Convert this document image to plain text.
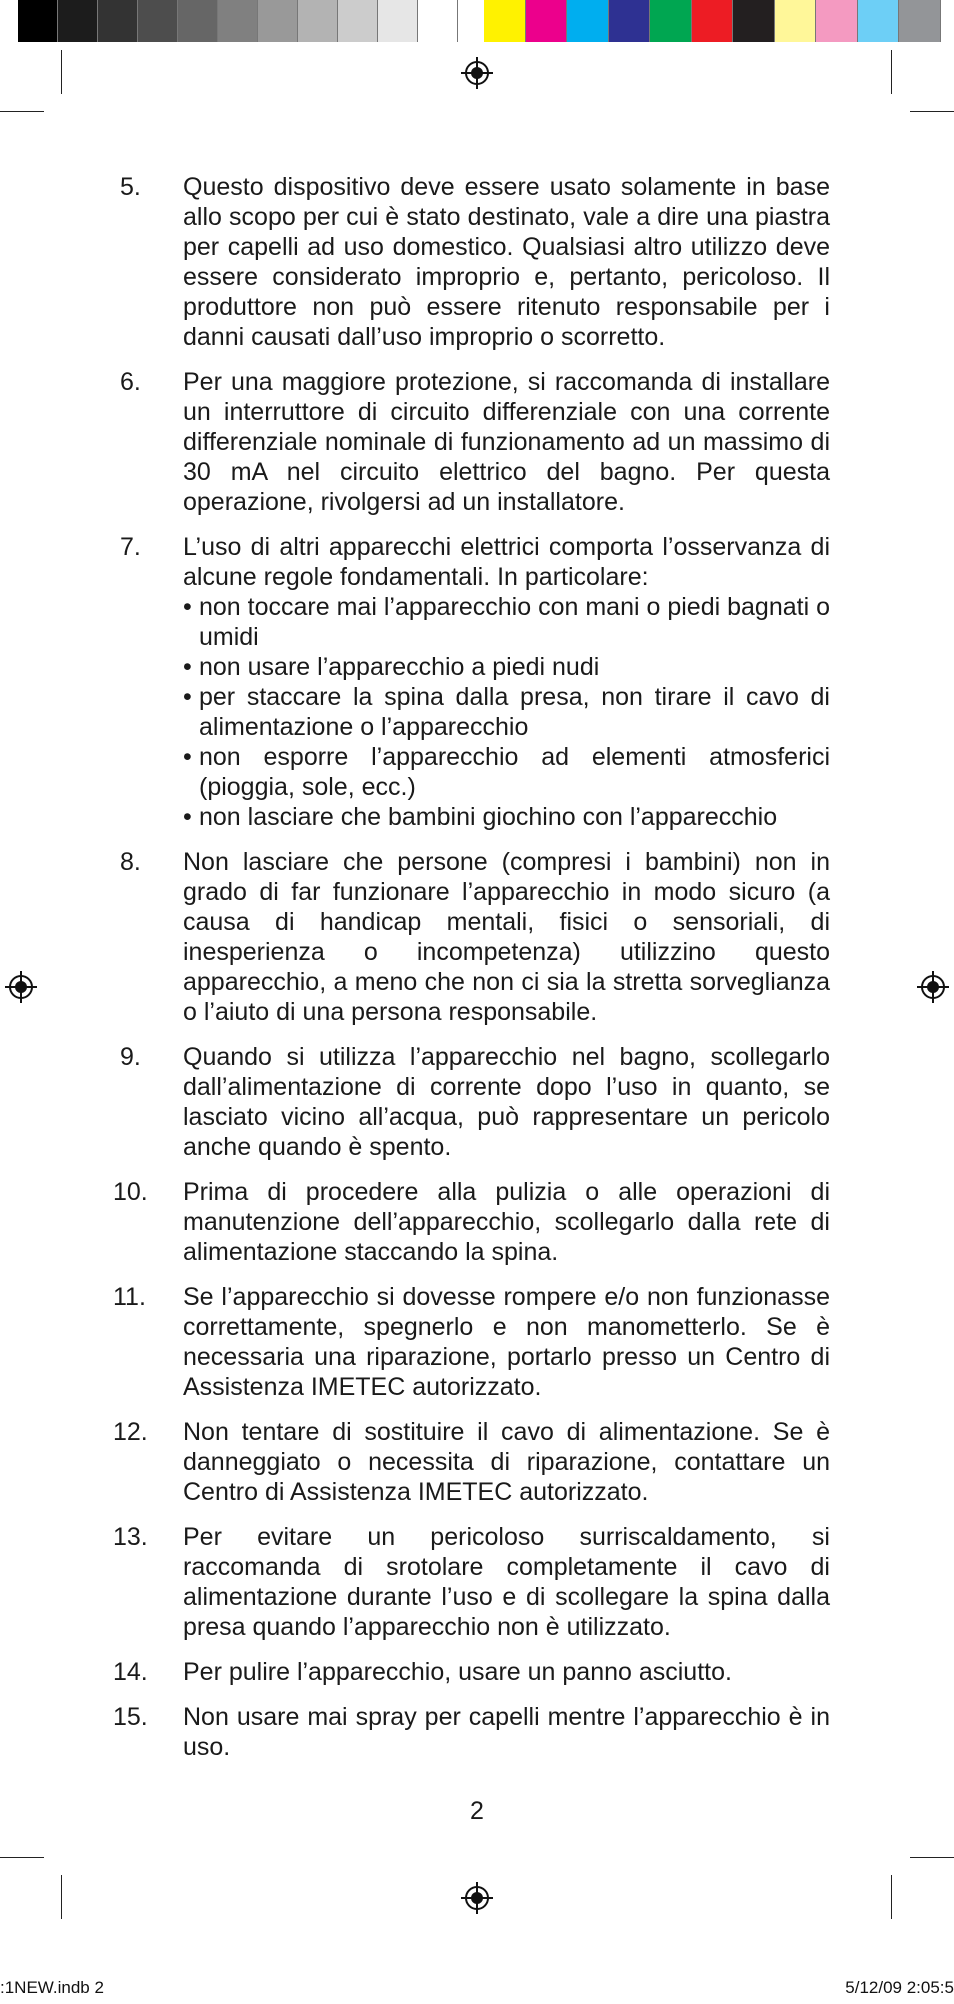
5.	Questo dispositivo deve essere usato solamente in base allo scopo per cui è stato destinato, vale a dire una piastra per capelli ad uso domestico. Qualsiasi altro utilizzo deve essere considerato improprio e, pertanto, pericoloso. Il produttore non può essere ritenuto responsabile per i danni causati dall’uso improprio o scorretto.
6.	Per una maggiore protezione, si raccomanda di installare un interruttore di circuito differenziale con una corrente differenziale nominale di funzionamento ad un massimo di 30 mA nel circuito elettrico del bagno. Per questa operazione, rivolgersi ad un installatore.
7.	L’uso di altri apparecchi elettrici comporta l’osservanza di alcune regole fondamentali. In particolare:
• non toccare mai l’apparecchio con mani o piedi bagnati o umidi
• non usare l’apparecchio a piedi nudi
• per staccare la spina dalla presa, non tirare il cavo di alimentazione o l’apparecchio
• non esporre l’apparecchio ad elementi atmosferici (pioggia, sole, ecc.)
• non lasciare che bambini giochino con l’apparecchio
8.	Non lasciare che persone (compresi i bambini) non in grado di far funzionare l’apparecchio in modo sicuro (a causa di handicap mentali, fisici o sensoriali, di inesperienza o incompetenza) utilizzino questo apparecchio, a meno che non ci sia la stretta sorveglianza o l’aiuto di una persona responsabile.
9.	Quando si utilizza l’apparecchio nel bagno, scollegarlo dall’alimentazione di corrente dopo l’uso in quanto, se lasciato vicino all’acqua, può rappresentare un pericolo anche quando è spento.
10.	Prima di procedere alla pulizia o alle operazioni di manutenzione dell’apparecchio, scollegarlo dalla rete di alimentazione staccando la spina.
11.	Se l’apparecchio si dovesse rompere e/o non funzionasse correttamente, spegnerlo e non manometterlo. Se è necessaria una riparazione, portarlo presso un Centro di Assistenza IMETEC autorizzato.
12.	Non tentare di sostituire il cavo di alimentazione. Se è danneggiato o necessita di riparazione, contattare un Centro di Assistenza IMETEC autorizzato.
13.	Per evitare un pericoloso surriscaldamento, si raccomanda di srotolare completamente il cavo di alimentazione durante l’uso e di scollegare la spina dalla presa quando l’apparecchio non è utilizzato.
14.	Per pulire l’apparecchio, usare un panno asciutto.
15.	Non usare mai spray per capelli mentre l’apparecchio è in uso.
2
:1NEW.indb 2	5/12/09 2:05:5
